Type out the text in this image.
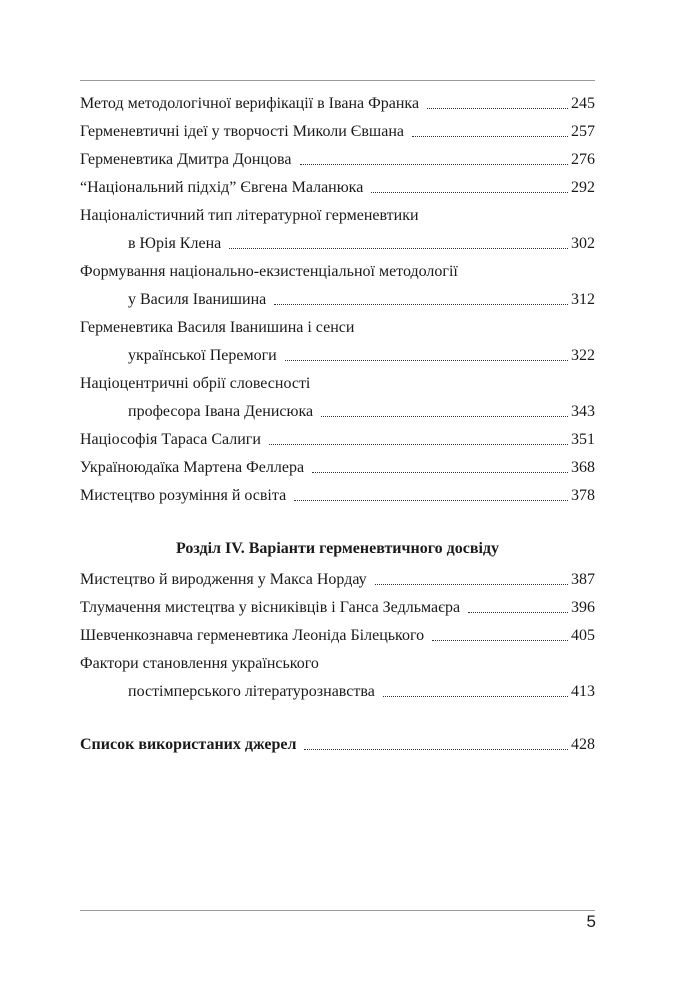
Метод методологічної верифікації в Івана Франка	245
Герменевтичні ідеї у творчості Миколи Євшана	257
Герменевтика Дмитра Донцова	276
“Національний підхід” Євгена Маланюка	292
Націоналістичний тип літературної герменевтики
в Юрія Клена	302
Формування національно-екзистенціальної методології
у Василя Іванишина	312
Герменевтика Василя Іванишина і сенси
української Перемоги	322
Націоцентричні обрії словесності
професора Івана Денисюка	343
Націософія Тараса Салиги	351
Україноюдаїка Мартена Феллера	368
Мистецтво розуміння й освіта	378
Мистецтво й виродження у Макса Нордау	387
Тлумачення мистецтва у вісникiвців і Ганса Зедльмаєра	396
Шевченкознавча герменевтика Леоніда Білецького	405
Фактори становлення українського
постімперського літературознавства	413
Список використаних джерел	428
Розділ IV. Варіанти герменевтичного досвіду
5
